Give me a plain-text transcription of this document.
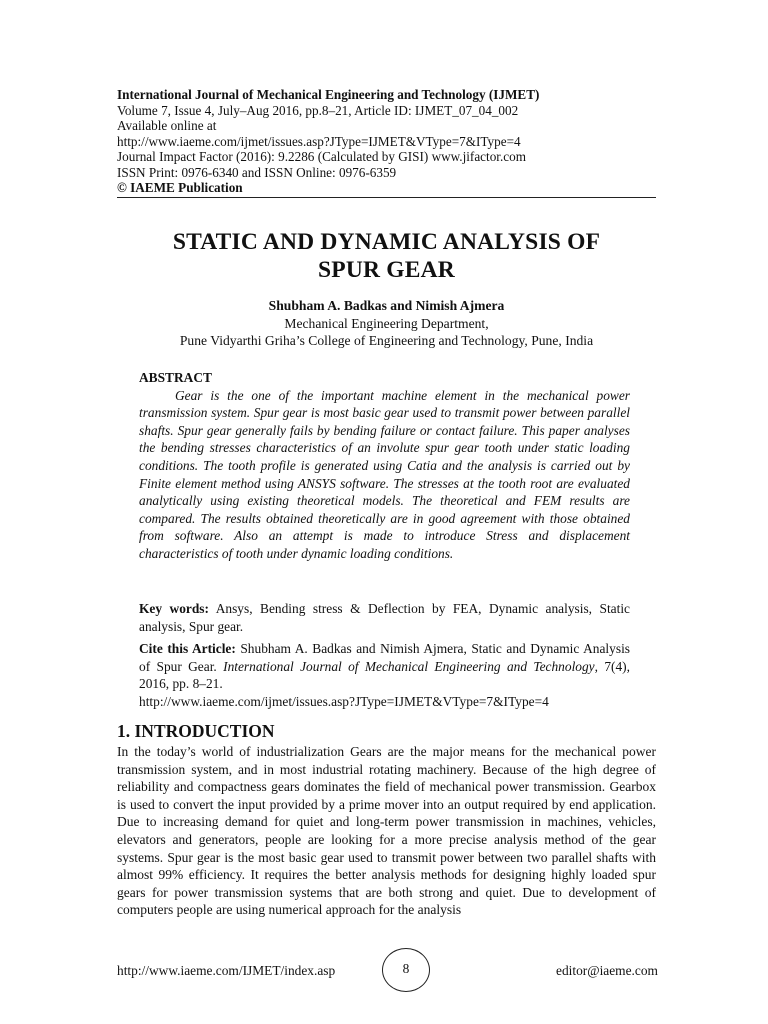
International Journal of Mechanical Engineering and Technology (IJMET)
Volume 7, Issue 4, July–Aug 2016, pp.8–21, Article ID: IJMET_07_04_002
Available online at
http://www.iaeme.com/ijmet/issues.asp?JType=IJMET&VType=7&IType=4
Journal Impact Factor (2016): 9.2286 (Calculated by GISI) www.jifactor.com
ISSN Print: 0976-6340 and ISSN Online: 0976-6359
© IAEME Publication
STATIC AND DYNAMIC ANALYSIS OF
SPUR GEAR
Shubham A. Badkas and Nimish Ajmera
Mechanical Engineering Department,
Pune Vidyarthi Griha’s College of Engineering and Technology, Pune, India
ABSTRACT

Gear is the one of the important machine element in the mechanical power transmission system. Spur gear is most basic gear used to transmit power between parallel shafts. Spur gear generally fails by bending failure or contact failure. This paper analyses the bending stresses characteristics of an involute spur gear tooth under static loading conditions. The tooth profile is generated using Catia and the analysis is carried out by Finite element method using ANSYS software. The stresses at the tooth root are evaluated analytically using existing theoretical models. The theoretical and FEM results are compared. The results obtained theoretically are in good agreement with those obtained from software. Also an attempt is made to introduce Stress and displacement characteristics of tooth under dynamic loading conditions.

Key words: Ansys, Bending stress & Deflection by FEA, Dynamic analysis, Static analysis, Spur gear.
Cite this Article: Shubham A. Badkas and Nimish Ajmera, Static and Dynamic Analysis of Spur Gear. International Journal of Mechanical Engineering and Technology, 7(4), 2016, pp. 8–21.
http://www.iaeme.com/ijmet/issues.asp?JType=IJMET&VType=7&IType=4
1. INTRODUCTION

In the today’s world of industrialization Gears are the major means for the mechanical power transmission system, and in most industrial rotating machinery. Because of the high degree of reliability and compactness gears dominates the field of mechanical power transmission. Gearbox is used to convert the input provided by a prime mover into an output required by end application. Due to increasing demand for quiet and long-term power transmission in machines, vehicles, elevators and generators, people are looking for a more precise analysis method of the gear systems. Spur gear is the most basic gear used to transmit power between two parallel shafts with almost 99% efficiency. It requires the better analysis methods for designing highly loaded spur gears for power transmission systems that are both strong and quiet. Due to development of computers people are using numerical approach for the analysis

http://www.iaeme.com/IJMET/index.asp	8	editor@iaeme.com
